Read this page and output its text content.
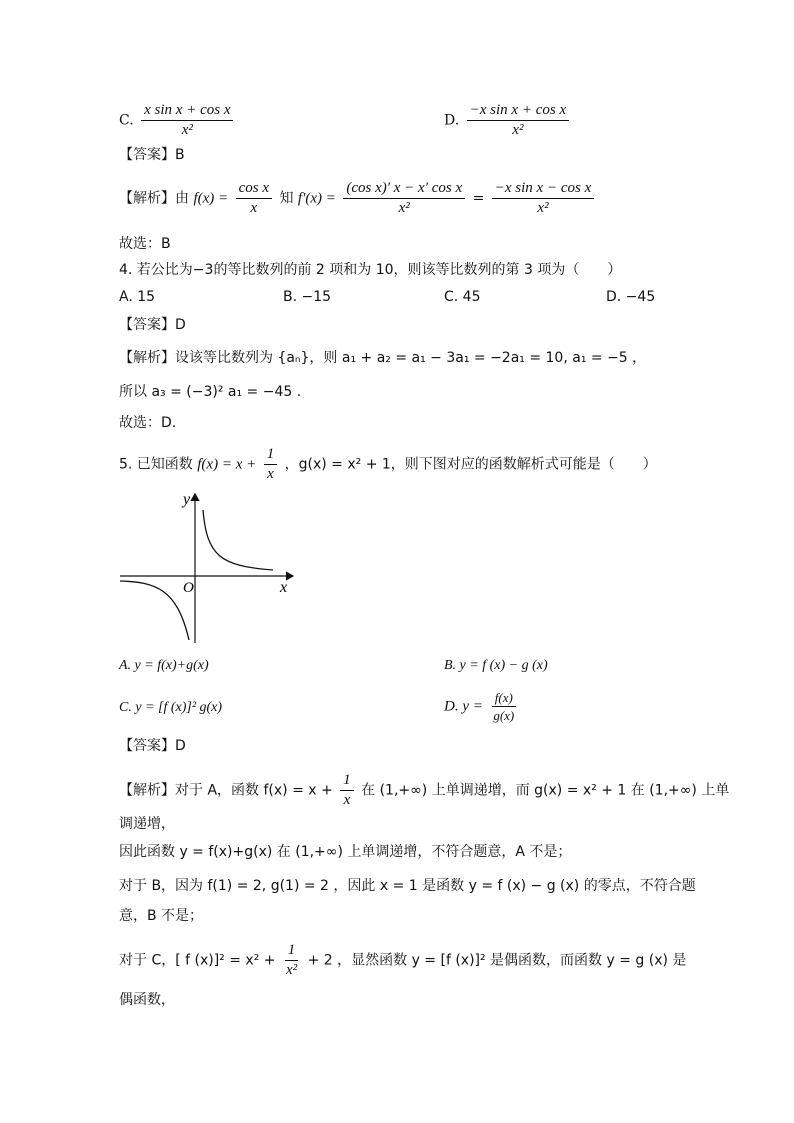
C. $\frac{\text{x sin x + cos x}}{\text{x²}}$	D. $\frac{\text{−x sin x + cos x}}{\text{x²}}$
【答案】B
【解析】由 $f(x) = \frac{\text{cos x}}{x}$ 知 $f'(x) = \frac{\text{(cos x)′ x − x′ cos x}}{\text{x²}} = \frac{\text{−x sin x − cos x}}{\text{x²}}$
故选：B
4. 若公比为−3的等比数列的前 2 项和为 10，则该等比数列的第 3 项为（　　）
A. 15	B. −15	C. 45	D. −45
【答案】D
【解析】设该等比数列为 {aₙ}，则 a₁ + a₂ = a₁ − 3a₁ = −2a₁ = 10, a₁ = −5 ，
所以 a₃ = (−3)² a₁ = −45 .
故选：D.
5. 已知函数 $f(x) = x + \frac{1}{x}$ ，g(x) = x² + 1，则下图对应的函数解析式可能是（　　）
y
x
O
A. y = f(x)+g(x)	B. y = f (x) − g (x)
C. y = [f (x)]² g(x)	D. $y = \frac{f(x)}{g(x)}$
【答案】D
【解析】对于 A，函数 $f(x) = x + \frac{1}{x}$ 在 (1,+∞) 上单调递增，而 g(x) = x² + 1 在 (1,+∞) 上单
调递增，
因此函数 y = f(x)+g(x) 在 (1,+∞) 上单调递增，不符合题意，A 不是；
对于 B，因为 f(1) = 2, g(1) = 2 ，因此 x = 1 是函数 y = f (x) − g (x) 的零点，不符合题
意，B 不是；
对于 C，[ f $(x)]^2 = x^2 + \frac{1}{\text{x²}} + 2$ ，显然函数 y = [f (x)]² 是偶函数，而函数 y = g (x) 是
偶函数，
